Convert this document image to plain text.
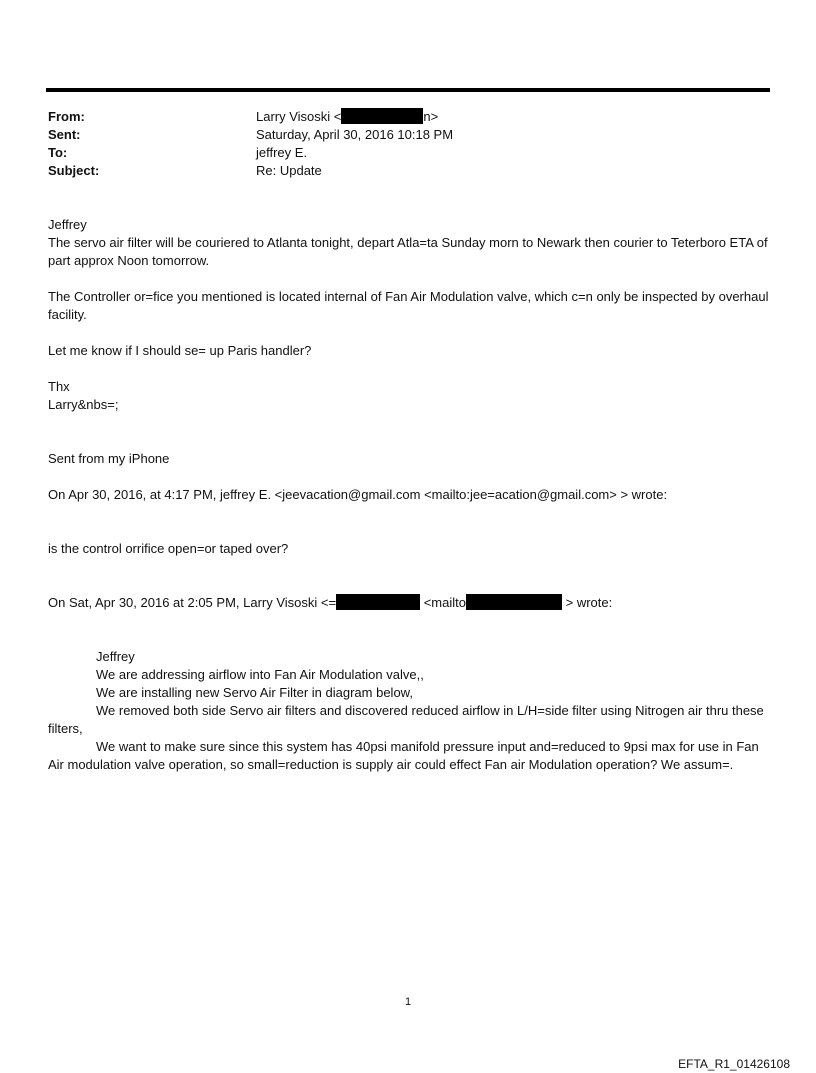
From:	Larry Visoski <	n>
Sent:	Saturday, April 30, 2016 10:18 PM
To:	jeffrey E.
Subject:	Re: Update

Jeffrey

The servo air filter will be couriered to Atlanta tonight, depart Atla=ta Sunday morn to Newark then courier to Teterboro ETA of part approx Noon tomorrow.

The Controller or=fice you mentioned is located internal of Fan Air Modulation valve, which c=n only be inspected by overhaul facility.

Let me know if I should se= up Paris handler?

Thx

Larry&nbs=;

Sent from my iPhone

On Apr 30, 2016, at 4:17 PM, jeffrey E. <jeevacation@gmail.com <mailto:jee=acation@gmail.com> > wrote:

is the control orrifice open=or taped over?

On Sat, Apr 30, 2016 at 2:05 PM, Larry Visoski <=	<mailto	> wrote:

Jeffrey

We are addressing airflow into Fan Air Modulation valve,,

We are installing new Servo Air Filter in diagram below,

We removed both side Servo air filters and discovered reduced airflow in L/H=side filter using Nitrogen air thru these filters,

We want to make sure since this system has 40psi manifold pressure input and=reduced to 9psi max for use in Fan Air modulation valve operation, so small=reduction is supply air could effect Fan air Modulation operation? We assum=.

1
EFTA_R1_01426108
